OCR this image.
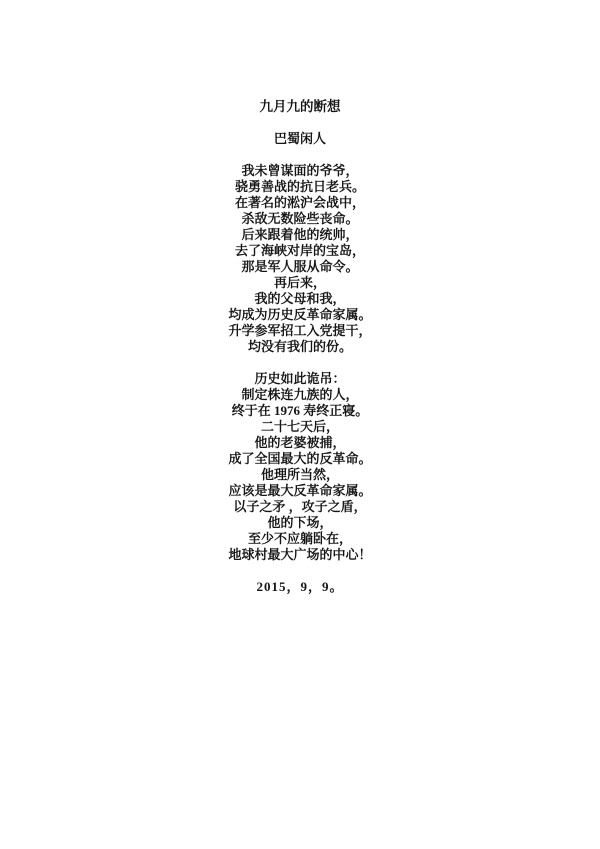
九月九的断想
巴蜀闲人
我未曾谋面的爷爷，
骁勇善战的抗日老兵。
在著名的淞沪会战中，
杀敌无数险些丧命。
后来跟着他的统帅，
去了海峡对岸的宝岛，
那是军人服从命令。
再后来，
我的父母和我，
均成为历史反革命家属。
升学参军招工入党提干，
均没有我们的份。
历史如此诡吊：
制定株连九族的人，
终于在 1976 寿终正寝。
二十七天后，
他的老婆被捕，
成了全国最大的反革命。
他理所当然，
应该是最大反革命家属。
以子之矛 ，攻子之盾，
他的下场，
至少不应躺卧在，
地球村最大广场的中心！
2015，9，9。
